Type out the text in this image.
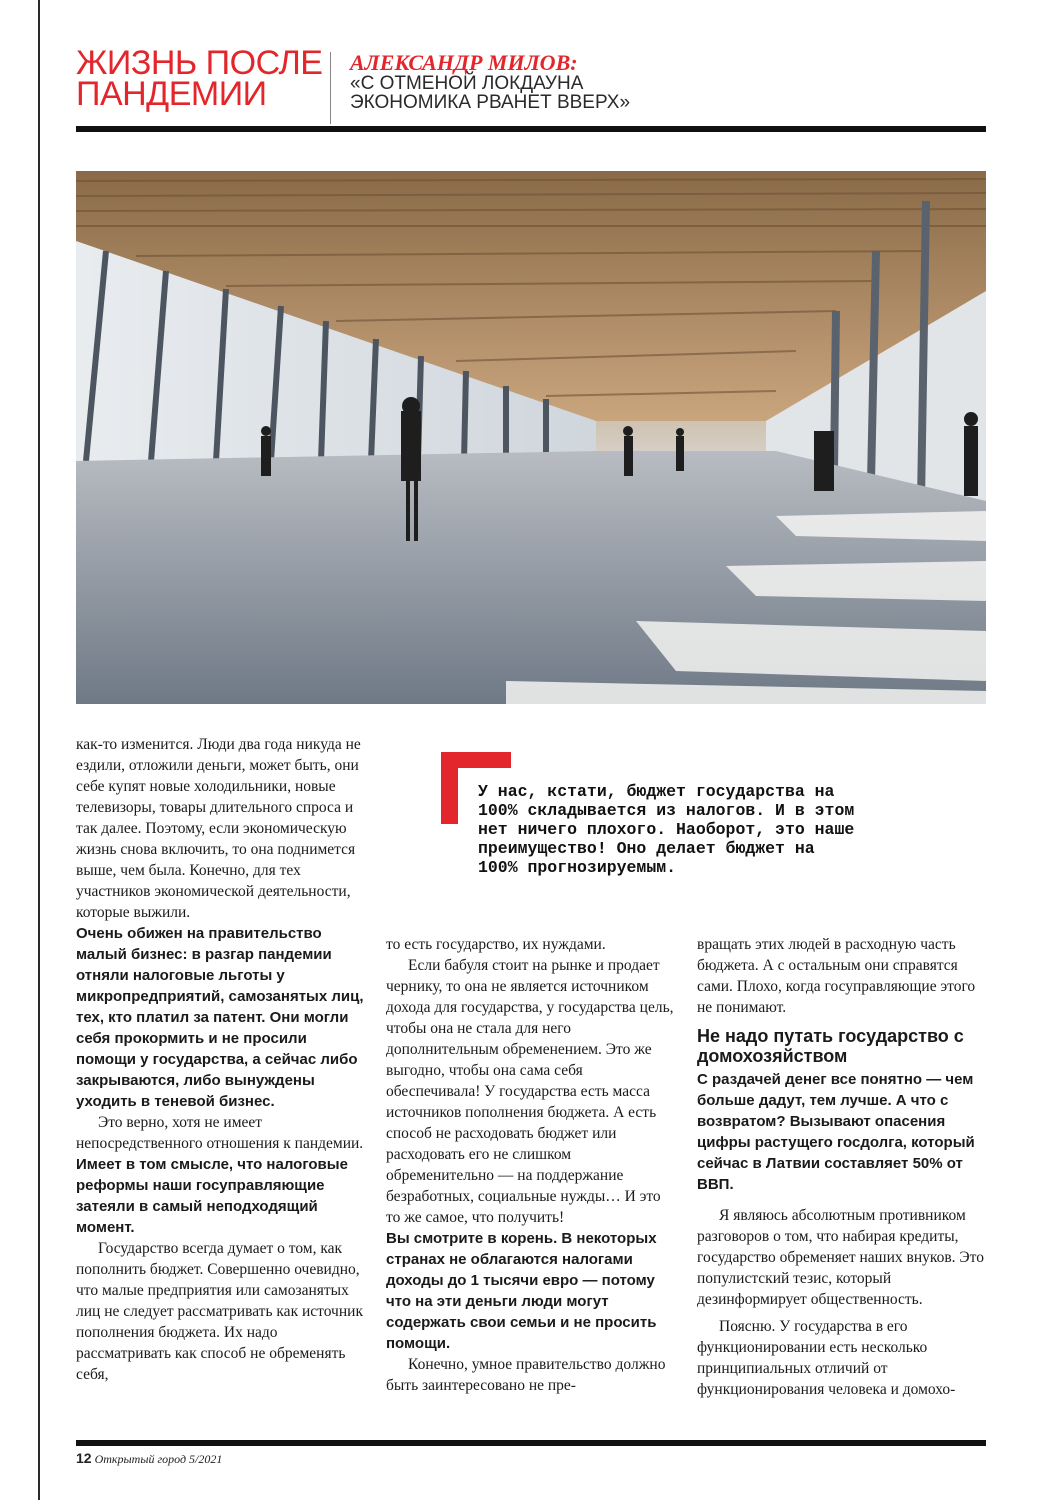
ЖИЗНЬ ПОСЛЕ
ПАНДЕМИИ
АЛЕКСАНДР МИЛОВ:
«С ОТМЕНОЙ ЛОКДАУНА
ЭКОНОМИКА РВАНЕТ ВВЕРХ»

как-то изменится. Люди два года никуда не ездили, отложили деньги, может быть, они себе купят новые холодильники, новые телевизоры, товары длительного спроса и так далее. Поэтому, если экономическую жизнь снова включить, то она поднимется выше, чем была. Конечно, для тех участников экономической деятельности, которые выжили.

Очень обижен на правительство малый бизнес: в разгар пандемии отняли налоговые льготы у микропредприятий, самозанятых лиц, тех, кто платил за патент. Они могли себя прокормить и не просили помощи у государства, а сейчас либо закрываются, либо вынуждены уходить в теневой бизнес.

Это верно, хотя не имеет непосредственного отношения к пандемии.

Имеет в том смысле, что налоговые реформы наши госуправляющие затеяли в самый неподходящий момент.

Государство всегда думает о том, как пополнить бюджет. Совершенно очевидно, что малые предприятия или самозанятых лиц не следует рассматривать как источник пополнения бюджета. Их надо рассматривать как способ не обременять себя,

У нас, кстати, бюджет государства на
100% складывается из налогов. И в этом
нет ничего плохого. Наоборот, это наше
преимущество! Оно делает бюджет на
100% прогнозируемым.

то есть государство, их нуждами.

Если бабуля стоит на рынке и продает чернику, то она не является источником дохода для государства, у государства цель, чтобы она не стала для него дополнительным обременением. Это же выгодно, чтобы она сама себя обеспечивала! У государства есть масса источников пополнения бюджета. А есть способ не расходовать бюджет или расходовать его не слишком обременительно — на поддержание безработных, социальные нужды… И это то же самое, что получить!

Вы смотрите в корень. В некоторых странах не облагаются налогами доходы до 1 тысячи евро — потому что на эти деньги люди могут содержать свои семьи и не просить помощи.

Конечно, умное правительство должно быть заинтересовано не пре-

вращать этих людей в расходную часть бюджета. А с остальным они справятся сами. Плохо, когда госуправляющие этого не понимают.

Не надо путать государство с домохозяйством

С раздачей денег все понятно — чем больше дадут, тем лучше. А что с возвратом? Вызывают опасения цифры растущего госдолга, который сейчас в Латвии составляет 50% от ВВП.

Я являюсь абсолютным противником разговоров о том, что набирая кредиты, государство обременяет наших внуков. Это популистский тезис, который дезинформирует общественность.

Поясню. У государства в его функционировании есть несколько принципиальных отличий от функционирования человека и домохо-

12 Открытый город 5/2021
